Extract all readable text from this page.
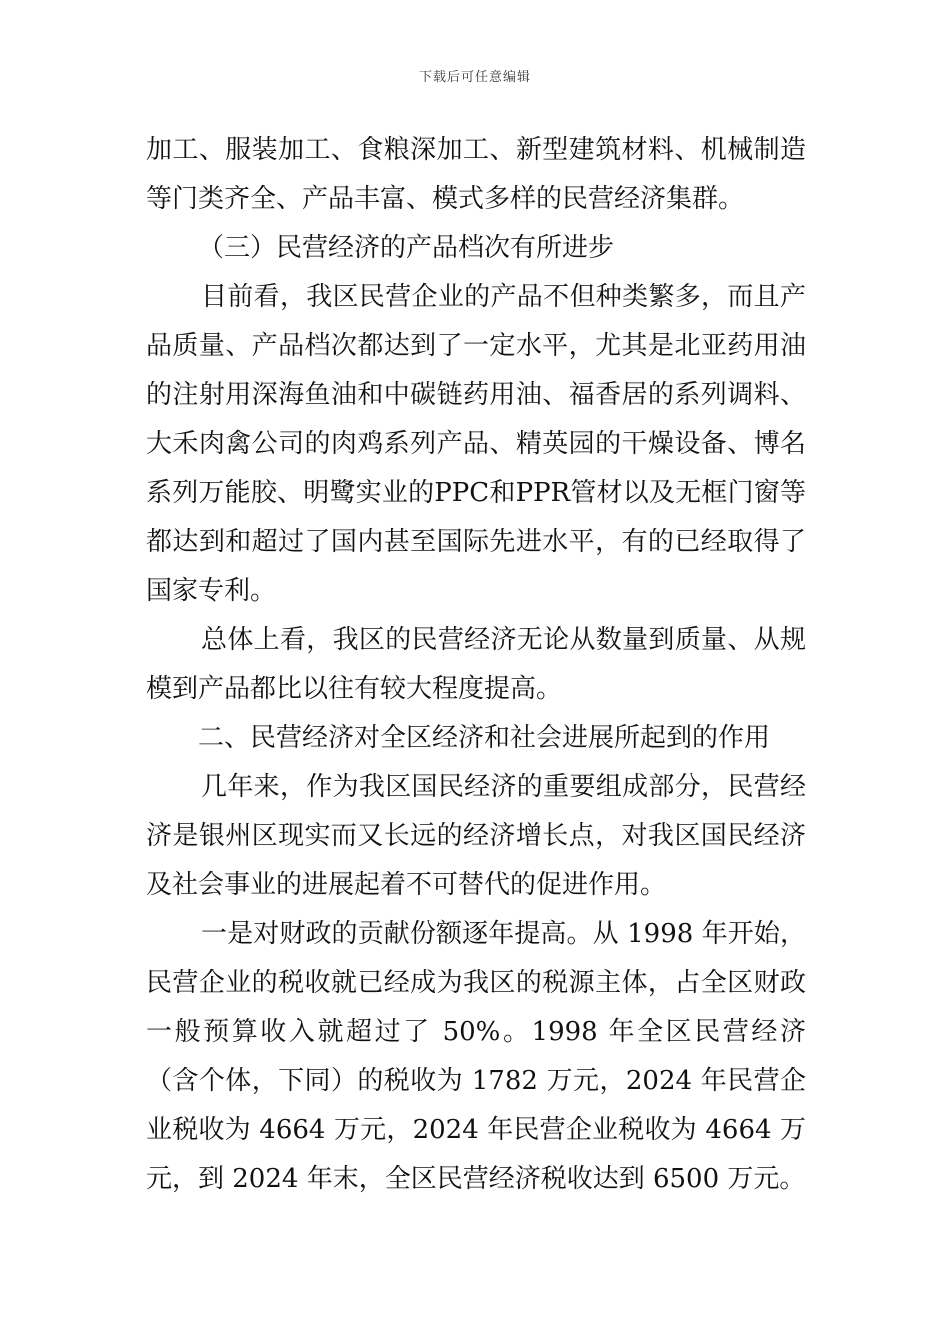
下载后可任意编辑

加工、服装加工、食粮深加工、新型建筑材料、机械制造等门类齐全、产品丰富、模式多样的民营经济集群。

（三）民营经济的产品档次有所进步

目前看，我区民营企业的产品不但种类繁多，而且产品质量、产品档次都达到了一定水平，尤其是北亚药用油的注射用深海鱼油和中碳链药用油、福香居的系列调料、大禾肉禽公司的肉鸡系列产品、精英园的干燥设备、博名系列万能胶、明鹭实业的PPC和PPR管材以及无框门窗等都达到和超过了国内甚至国际先进水平，有的已经取得了国家专利。

总体上看，我区的民营经济无论从数量到质量、从规模到产品都比以往有较大程度提高。

二、民营经济对全区经济和社会进展所起到的作用

几年来，作为我区国民经济的重要组成部分，民营经济是银州区现实而又长远的经济增长点，对我区国民经济及社会事业的进展起着不可替代的促进作用。

一是对财政的贡献份额逐年提高。从 1998 年开始，民营企业的税收就已经成为我区的税源主体，占全区财政一般预算收入就超过了 50%。1998 年全区民营经济（含个体，下同）的税收为 1782 万元，2024 年民营企业税收为 4664 万元，2024 年民营企业税收为 4664 万元，到 2024 年末，全区民营经济税收达到 6500 万元。
